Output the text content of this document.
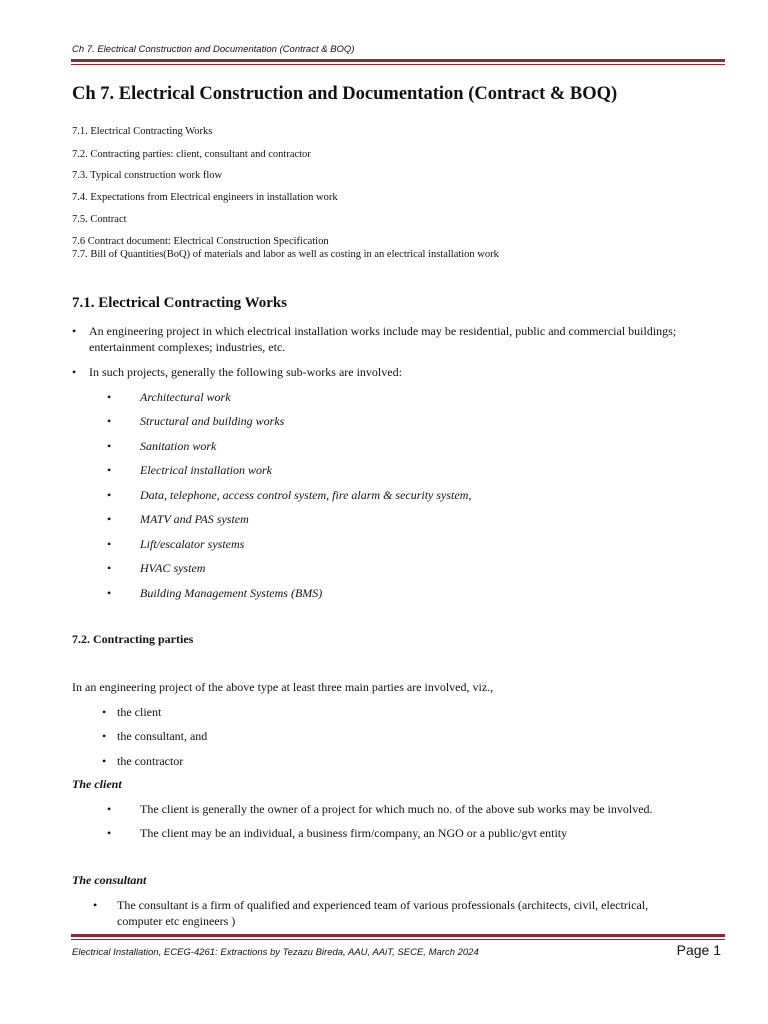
Ch 7. Electrical Construction and Documentation (Contract & BOQ)
Ch 7. Electrical Construction and Documentation (Contract & BOQ)
7.1. Electrical Contracting Works
7.2. Contracting parties: client, consultant and contractor
7.3. Typical construction work flow
7.4. Expectations from Electrical engineers in installation work
7.5. Contract
7.6 Contract document: Electrical Construction Specification
7.7. Bill of Quantities(BoQ) of materials and labor as well as costing in an electrical installation work
7.1. Electrical Contracting Works
• An engineering project in which electrical installation works include may be residential, public and commercial buildings; entertainment complexes; industries, etc.
• In such projects, generally the following sub-works are involved:
• Architectural work
• Structural and building works
• Sanitation work
• Electrical installation work
• Data, telephone, access control system, fire alarm & security system,
• MATV and PAS system
• Lift/escalator systems
• HVAC system
• Building Management Systems (BMS)
7.2. Contracting parties
In an engineering project of the above type at least three main parties are involved, viz.,
• the client
• the consultant, and
• the contractor
The client
• The client is generally the owner of a project for which much no. of the above sub works may be involved.
• The client may be an individual, a business firm/company, an NGO or a public/gvt entity
The consultant
• The consultant is a firm of qualified and experienced team of various professionals (architects, civil, electrical, computer etc engineers )
Electrical Installation, ECEG-4261: Extractions by Tezazu Bireda, AAU, AAiT, SECE, March 2024	Page 1
